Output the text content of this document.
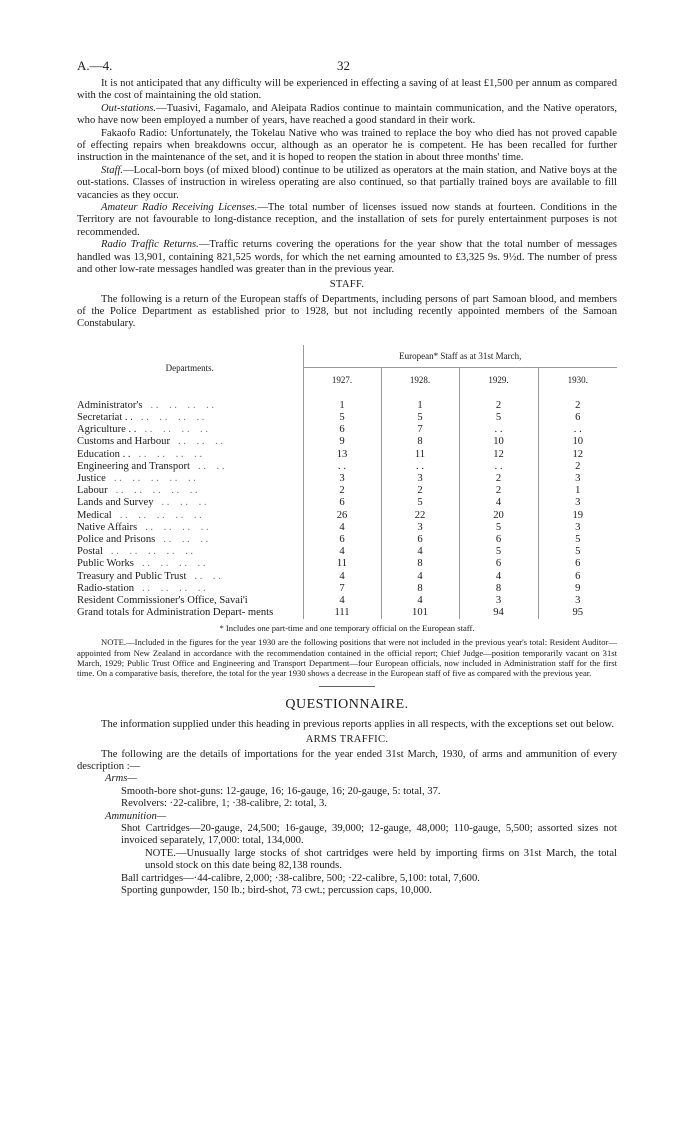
A.—4.	32

It is not anticipated that any difficulty will be experienced in effecting a saving of at least £1,500 per annum as compared with the cost of maintaining the old station.

Out-stations.—Tuasivi, Fagamalo, and Aleipata Radios continue to maintain communication, and the Native operators, who have now been employed a number of years, have reached a good standard in their work.

Fakaofo Radio: Unfortunately, the Tokelau Native who was trained to replace the boy who died has not proved capable of effecting repairs when breakdowns occur, although as an operator he is competent. He has been recalled for further instruction in the maintenance of the set, and it is hoped to reopen the station in about three months' time.

Staff.—Local-born boys (of mixed blood) continue to be utilized as operators at the main station, and Native boys at the out-stations. Classes of instruction in wireless operating are also continued, so that partially trained boys are available to fill vacancies as they occur.

Amateur Radio Receiving Licenses.—The total number of licenses issued now stands at fourteen. Conditions in the Territory are not favourable to long-distance reception, and the installation of sets for purely entertainment purposes is not recommended.

Radio Traffic Returns.—Traffic returns covering the operations for the year show that the total number of messages handled was 13,901, containing 821,525 words, for which the net earning amounted to £3,325 9s. 9½d. The number of press and other low-rate messages handled was greater than in the previous year.

STAFF.

The following is a return of the European staffs of Departments, including persons of part Samoan blood, and members of the Police Department as established prior to 1928, but not including recently appointed members of the Samoan Constabulary.

Departments.	European* Staff as at 31st March,			
	1927.	1928.	1929.	1930.

Administrator's . .    . .    . .    . .	1	1	2	2
Secretariat . . . .    . .    . .    . .	5	5	5	6
Agriculture . . . .    . .    . .    . .	6	7	. .	. .
Customs and Harbour . .    . .    . .	9	8	10	10
Education . . . .    . .    . .    . .	13	11	12	12
Engineering and Transport . .    . .	. .	. .	. .	2
Justice . .    . .    . .    . .    . .	3	3	2	3
Labour . .    . .    . .    . .    . .	2	2	2	1
Lands and Survey . .    . .    . .	6	5	4	3
Medical . .    . .    . .    . .    . .	26	22	20	19
Native Affairs . .    . .    . .    . .	4	3	5	3
Police and Prisons . .    . .    . .	6	6	6	5
Postal . .    . .    . .    . .    . .	4	4	5	5
Public Works . .    . .    . .    . .	11	8	6	6
Treasury and Public Trust . .    . .	4	4	4	6
Radio-station . .    . .    . .    . .	7	8	8	9
Resident Commissioner's Office, Savai'i	4	4	3	3
Grand totals for Administration Depart- ments	111	101	94	95
* Includes one part-time and one temporary official on the European staff.

NOTE.—Included in the figures for the year 1930 are the following positions that were not included in the previous year's total: Resident Auditor—appointed from New Zealand in accordance with the recommendation contained in the official report; Chief Judge—position temporarily vacant on 31st March, 1929; Public Trust Office and Engineering and Transport Department—four European officials, now included in Administration staff for the first time. On a comparative basis, therefore, the total for the year 1930 shows a decrease in the European staff of five as compared with the previous year.

QUESTIONNAIRE.

The information supplied under this heading in previous reports applies in all respects, with the exceptions set out below.

ARMS TRAFFIC.

The following are the details of importations for the year ended 31st March, 1930, of arms and ammunition of every description :—

Arms—

Smooth-bore shot-guns: 12-gauge, 16; 16-gauge, 16; 20-gauge, 5: total, 37.

Revolvers: ·22-calibre, 1; ·38-calibre, 2: total, 3.

Ammunition—

Shot Cartridges—20-gauge, 24,500; 16-gauge, 39,000; 12-gauge, 48,000; 110-gauge, 5,500; assorted sizes not invoiced separately, 17,000: total, 134,000.

NOTE.—Unusually large stocks of shot cartridges were held by importing firms on 31st March, the total unsold stock on this date being 82,138 rounds.

Ball cartridges—·44-calibre, 2,000; ·38-calibre, 500; ·22-calibre, 5,100: total, 7,600.

Sporting gunpowder, 150 lb.; bird-shot, 73 cwt.; percussion caps, 10,000.
